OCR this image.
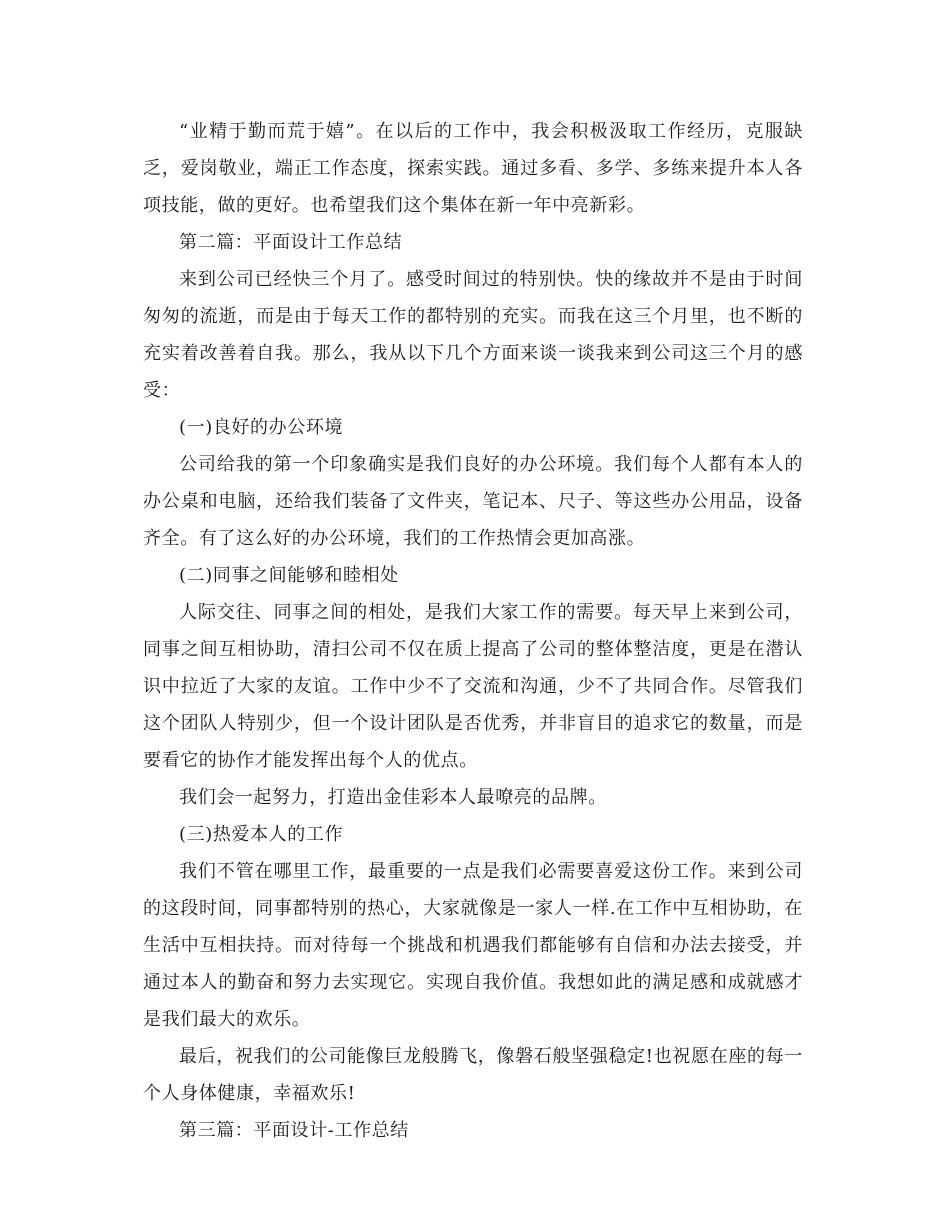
“业精于勤而荒于嬉”。在以后的工作中，我会积极汲取工作经历，克服缺乏，爱岗敬业，端正工作态度，探索实践。通过多看、多学、多练来提升本人各项技能，做的更好。也希望我们这个集体在新一年中亮新彩。

第二篇：平面设计工作总结

来到公司已经快三个月了。感受时间过的特别快。快的缘故并不是由于时间匆匆的流逝，而是由于每天工作的都特别的充实。而我在这三个月里，也不断的充实着改善着自我。那么，我从以下几个方面来谈一谈我来到公司这三个月的感受：

(一)良好的办公环境

公司给我的第一个印象确实是我们良好的办公环境。我们每个人都有本人的办公桌和电脑，还给我们装备了文件夹，笔记本、尺子、等这些办公用品，设备齐全。有了这么好的办公环境，我们的工作热情会更加高涨。

(二)同事之间能够和睦相处

人际交往、同事之间的相处，是我们大家工作的需要。每天早上来到公司，同事之间互相协助，清扫公司不仅在质上提高了公司的整体整洁度，更是在潜认识中拉近了大家的友谊。工作中少不了交流和沟通，少不了共同合作。尽管我们这个团队人特别少，但一个设计团队是否优秀，并非盲目的追求它的数量，而是要看它的协作才能发挥出每个人的优点。

我们会一起努力，打造出金佳彩本人最嘹亮的品牌。

(三)热爱本人的工作

我们不管在哪里工作，最重要的一点是我们必需要喜爱这份工作。来到公司的这段时间，同事都特别的热心，大家就像是一家人一样.在工作中互相协助，在生活中互相扶持。而对待每一个挑战和机遇我们都能够有自信和办法去接受，并通过本人的勤奋和努力去实现它。实现自我价值。我想如此的满足感和成就感才是我们最大的欢乐。

最后，祝我们的公司能像巨龙般腾飞，像磐石般坚强稳定!也祝愿在座的每一个人身体健康，幸福欢乐!

第三篇：平面设计-工作总结
